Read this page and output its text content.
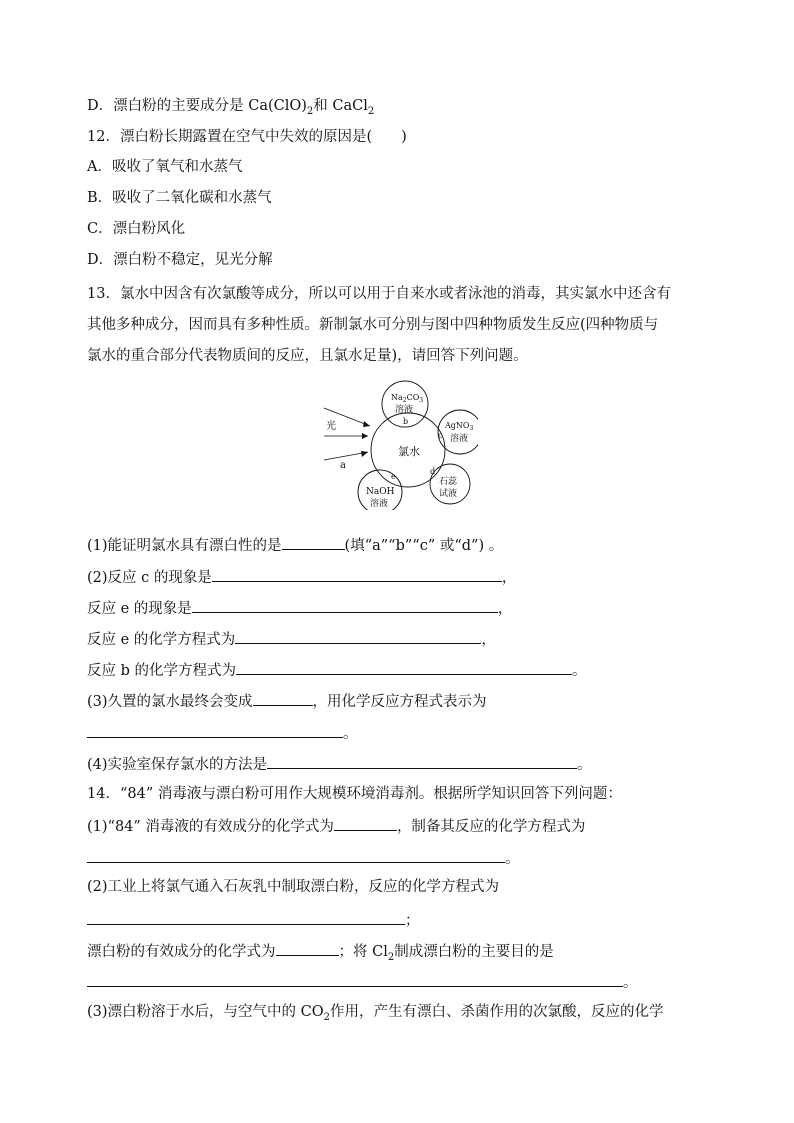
D．漂白粉的主要成分是 $Ca(ClO)_2$和 CaCl$_2$
12．漂白粉长期露置在空气中失效的原因是(　　)
A．吸收了氧气和水蒸气
B．吸收了二氧化碳和水蒸气
C．漂白粉风化
D．漂白粉不稳定，见光分解
13．氯水中因含有次氯酸等成分，所以可以用于自来水或者泳池的消毒，其实氯水中还含有
其他多种成分，因而具有多种性质。新制氯水可分别与图中四种物质发生反应(四种物质与
氯水的重合部分代表物质间的反应，且氯水足量)，请回答下列问题。
光
a
氯水
$Na_2CO_3$
溶液
b	AgNO$_3$
溶液
c
石蕊
试液
d
NaOH
溶液
e
(1)能证明氯水具有漂白性的是	(填“a”“b”“c” 或“d”) 。
(2)反应 c 的现象是	，
反应 e 的现象是	，
反应 e 的化学方程式为	，
反应 b 的化学方程式为	。
(3)久置的氯水最终会变成	，用化学反应方程式表示为
。
(4)实验室保存氯水的方法是	。
14．“84” 消毒液与漂白粉可用作大规模环境消毒剂。根据所学知识回答下列问题：
(1)“84” 消毒液的有效成分的化学式为	，制备其反应的化学方程式为
。
(2)工业上将氯气通入石灰乳中制取漂白粉，反应的化学方程式为
；
漂白粉的有效成分的化学式为	；将 $Cl_2$制成漂白粉的主要目的是
。
(3)漂白粉溶于水后，与空气中的 $CO_2$作用，产生有漂白、杀菌作用的次氯酸，反应的化学
